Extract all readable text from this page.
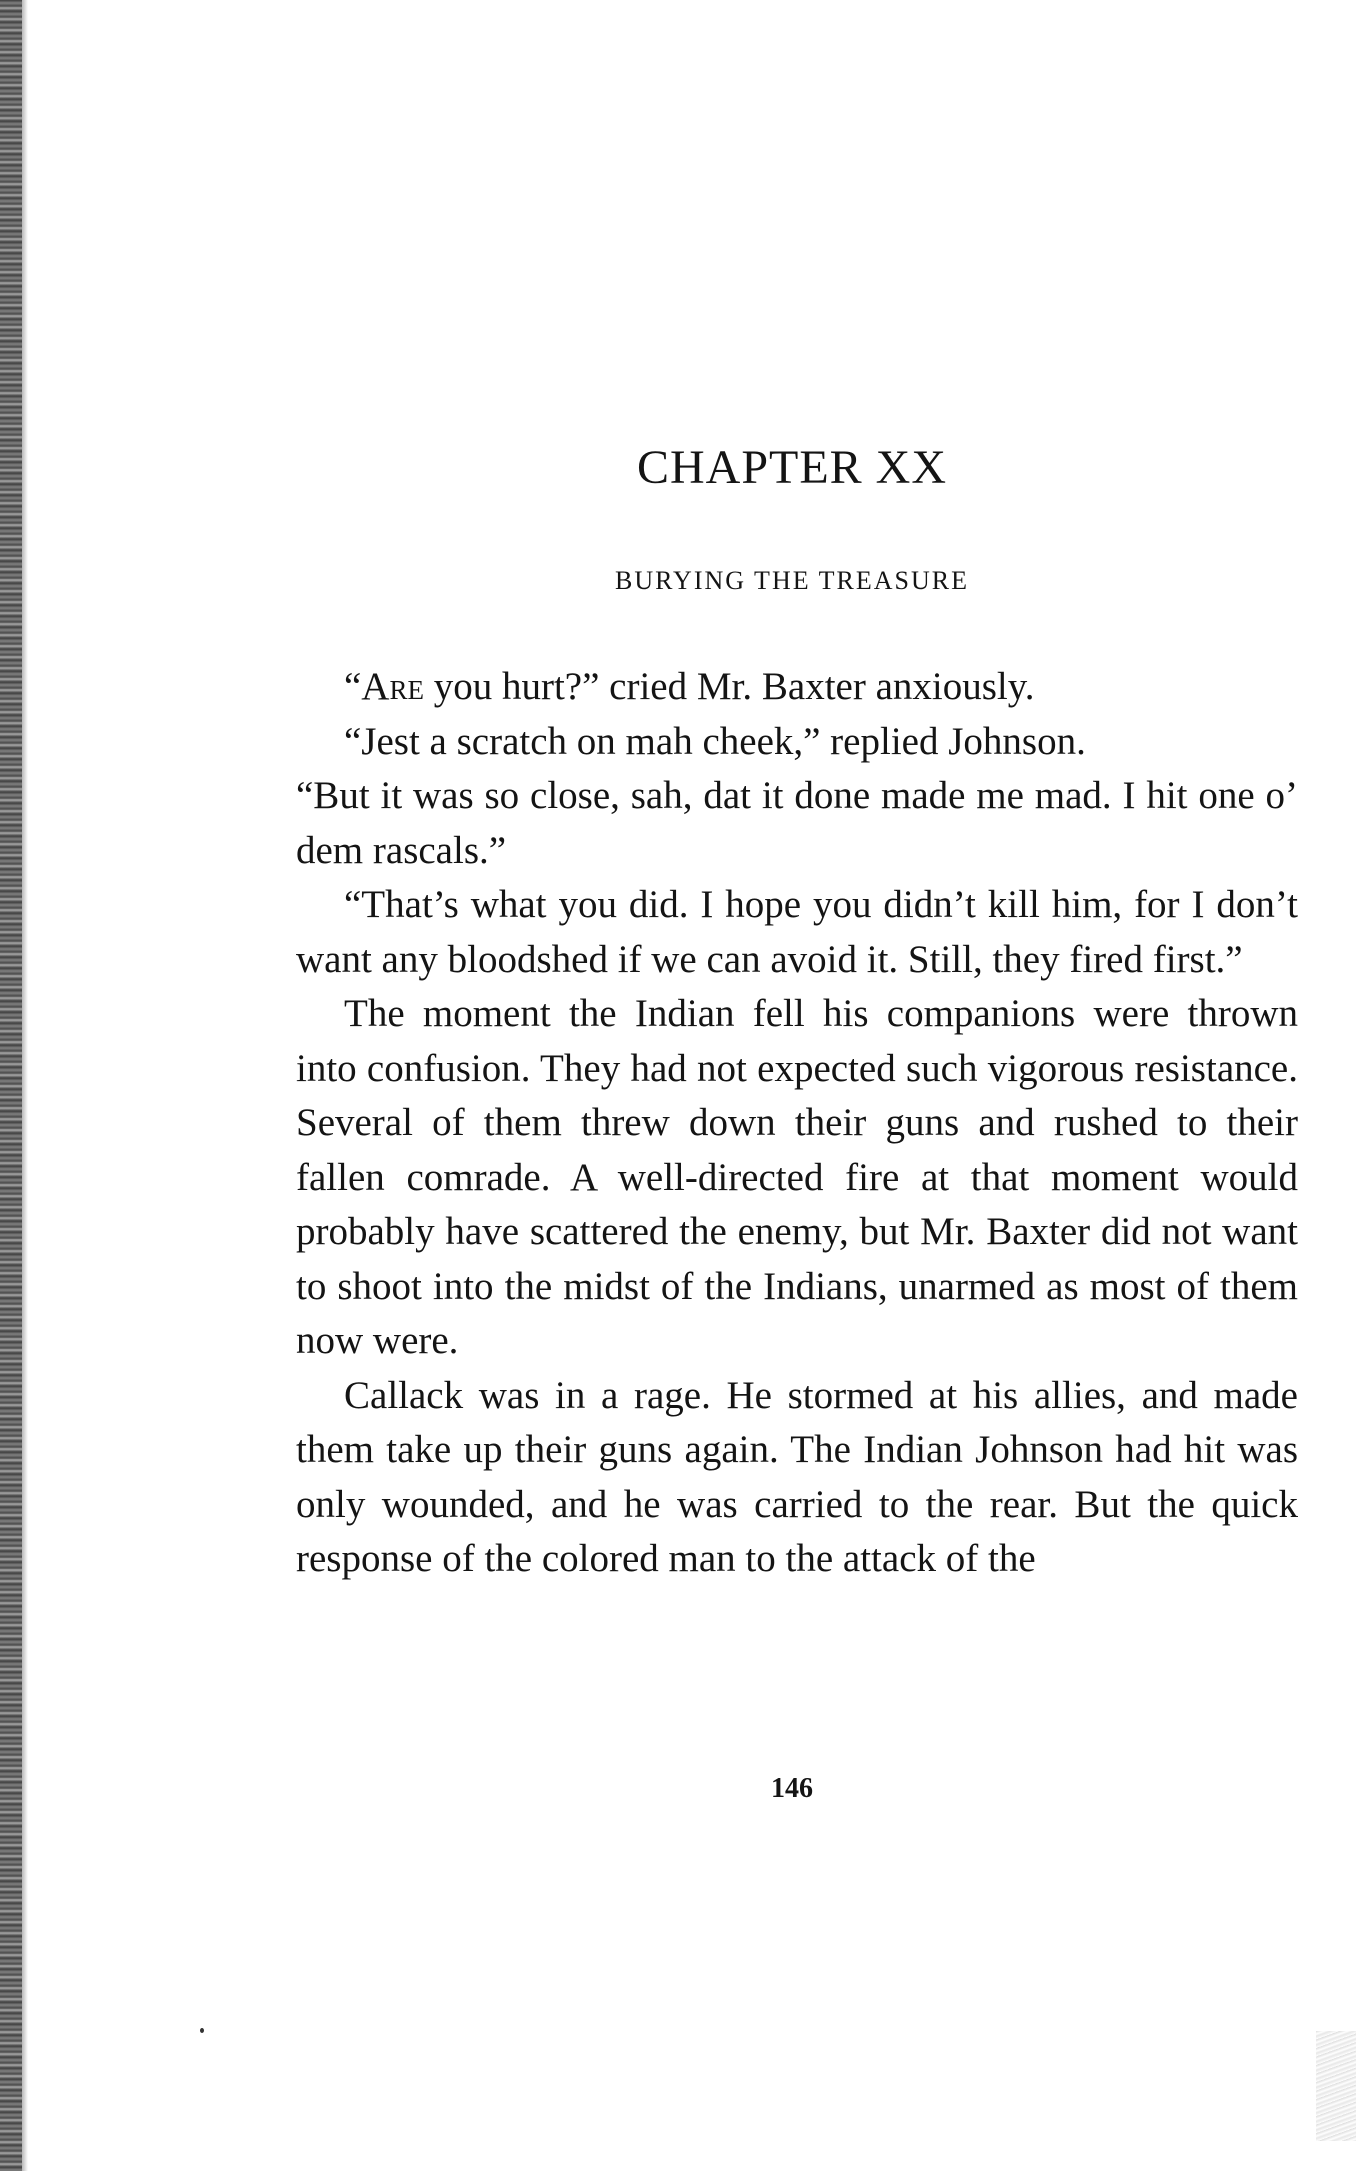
CHAPTER XX
BURYING THE TREASURE

“Are you hurt?” cried Mr. Baxter anxiously.

“Jest a scratch on mah cheek,” replied Johnson.

“But it was so close, sah, dat it done made me mad. I hit one o’ dem rascals.”

“That’s what you did. I hope you didn’t kill him, for I don’t want any bloodshed if we can avoid it. Still, they fired first.”

The moment the Indian fell his companions were thrown into confusion. They had not expected such vigorous resistance. Several of them threw down their guns and rushed to their fallen comrade. A well-directed fire at that moment would probably have scattered the enemy, but Mr. Baxter did not want to shoot into the midst of the Indians, unarmed as most of them now were.

Callack was in a rage. He stormed at his allies, and made them take up their guns again. The Indian Johnson had hit was only wounded, and he was carried to the rear. But the quick response of the colored man to the attack of the

146
